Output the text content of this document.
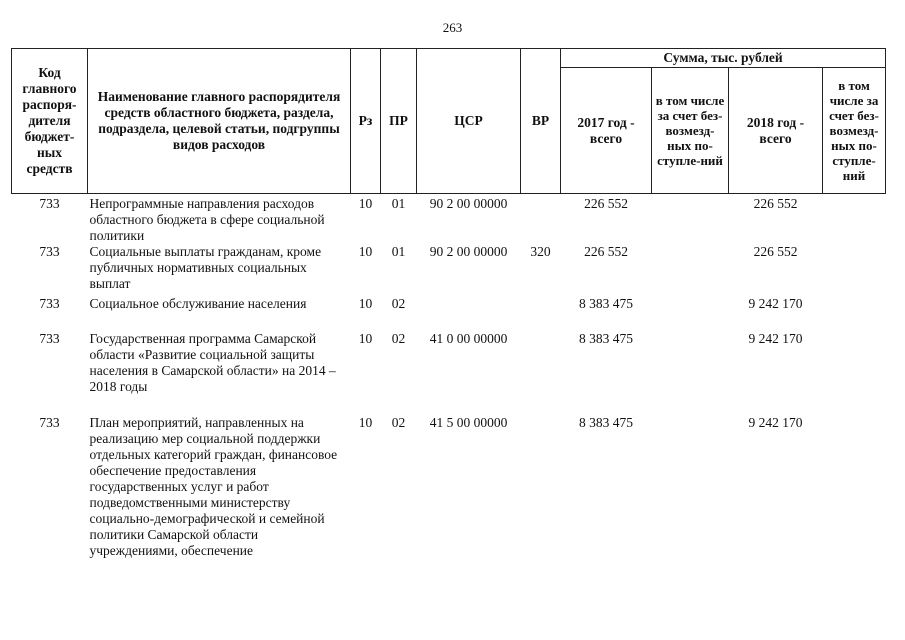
263
Код главного распоря-дителя бюджет-ных средств	Наименование главного распорядителя средств областного бюджета, раздела, подраздела, целевой статьи, подгруппы видов расходов	Рз	ПР	ЦСР	ВР	Сумма, тыс. рублей			
						2017 год - всего	в том числе за счет без-возмезд-ных по-ступле-ний	2018 год - всего	в том числе за счет без-возмезд-ных по-ступле-ний
733	Непрограммные направления расходов областного бюджета в сфере социальной политики	10	01	90 2 00 00000		226 552		226 552	
733	Социальные выплаты гражданам, кроме публичных нормативных социальных выплат	10	01	90 2 00 00000	320	226 552		226 552	
733	Социальное обслуживание населения	10	02			8 383 475		9 242 170	
733	Государственная программа Самарской области «Развитие социальной защиты населения в Самарской области» на 2014 – 2018 годы	10	02	41 0 00 00000		8 383 475		9 242 170	
733	План мероприятий, направленных на реализацию мер социальной поддержки отдельных категорий граждан, финансовое обеспечение предоставления государственных услуг и работ подведомственными министерству социально-демографической и семейной политики Самарской области учреждениями, обеспечение	10	02	41 5 00 00000		8 383 475		9 242 170	
